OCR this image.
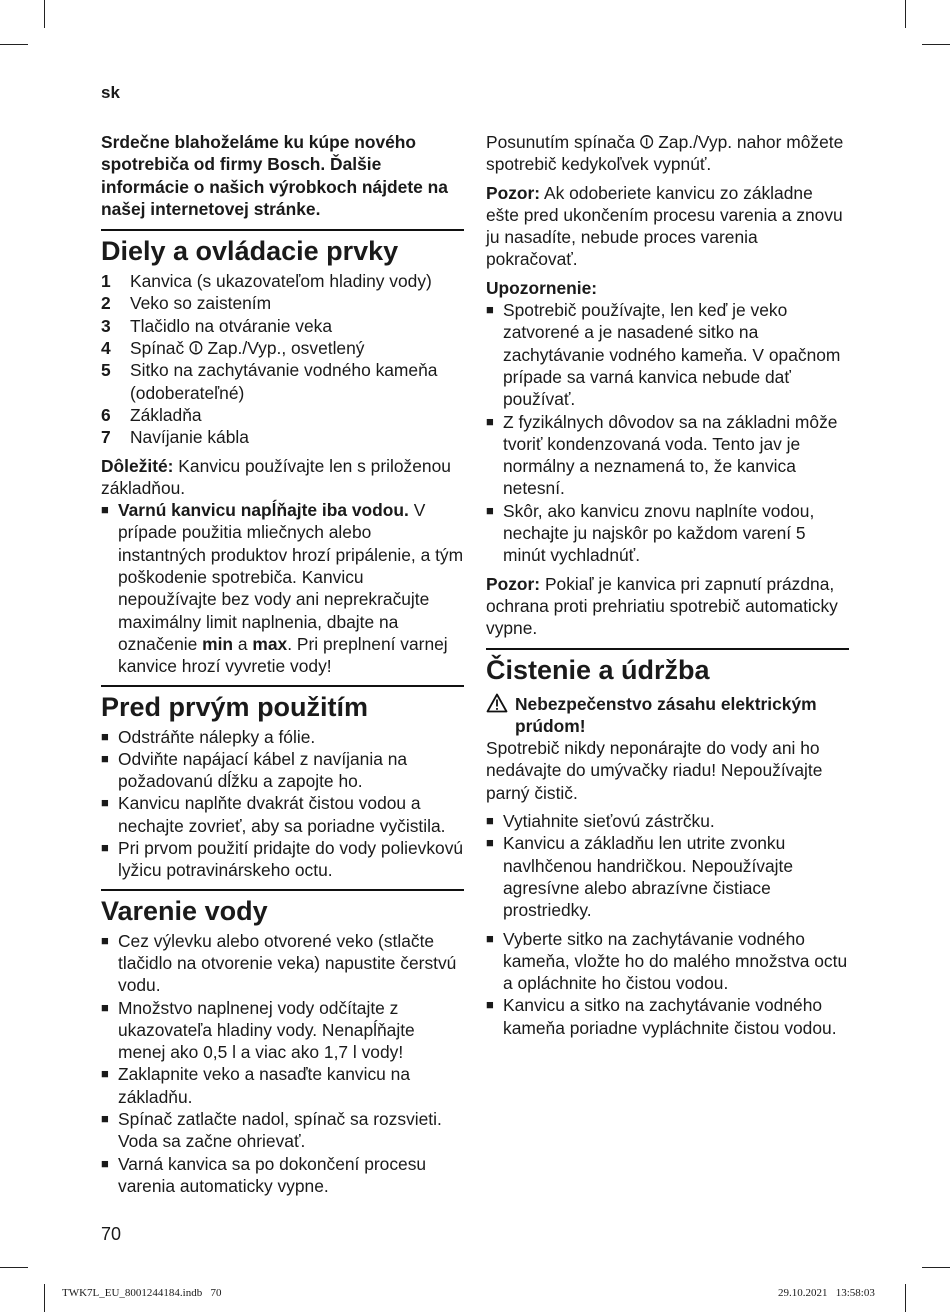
sk

Srdečne blahoželáme ku kúpe nového spotrebiča od firmy Bosch. Ďalšie informácie o našich výrobkoch nájdete na našej internetovej stránke.

Diely a ovládacie prvky
1	Kanvica (s ukazovateľom hladiny vody)
2	Veko so zaistením
3	Tlačidlo na otváranie veka
4	Spínač ⏼ Zap./Vyp., osvetlený
5	Sitko na zachytávanie vodného kameňa (odoberateľné)
6	Základňa
7	Navíjanie kábla

Dôležité: Kanvicu používajte len s priloženou základňou.

■ Varnú kanvicu napĺňajte iba vodou. V prípade použitia mliečnych alebo instantných produktov hrozí pripálenie, a tým poškodenie spotrebiča. Kanvicu nepoužívajte bez vody ani neprekračujte maximálny limit naplnenia, dbajte na označenie min a max. Pri preplnení varnej kanvice hrozí vyvretie vody!
Pred prvým použitím
■ Odstráňte nálepky a fólie.
■ Odviňte napájací kábel z navíjania na požadovanú dĺžku a zapojte ho.
■ Kanvicu naplňte dvakrát čistou vodou a nechajte zovrieť, aby sa poriadne vyčistila.
■ Pri prvom použití pridajte do vody polievkovú lyžicu potravinárskeho octu.
Varenie vody
■ Cez výlevku alebo otvorené veko (stlačte tlačidlo na otvorenie veka) napustite čerstvú vodu.
■ Množstvo naplnenej vody odčítajte z ukazovateľa hladiny vody. Nenapĺňajte menej ako 0,5 l a viac ako 1,7 l vody!
■ Zaklapnite veko a nasaďte kanvicu na základňu.
■ Spínač zatlačte nadol, spínač sa rozsvieti. Voda sa začne ohrievať.
■ Varná kanvica sa po dokončení procesu varenia automaticky vypne.

Posunutím spínača ⏼ Zap./Vyp. nahor môžete spotrebič kedykoľvek vypnúť.

Pozor: Ak odoberiete kanvicu zo základne ešte pred ukončením procesu varenia a znovu ju nasadíte, nebude proces varenia pokračovať.

Upozornenie:

■ Spotrebič používajte, len keď je veko zatvorené a je nasadené sitko na zachytávanie vodného kameňa. V opačnom prípade sa varná kanvica nebude dať používať.
■ Z fyzikálnych dôvodov sa na základni môže tvoriť kondenzovaná voda. Tento jav je normálny a neznamená to, že kanvica netesní.
■ Skôr, ako kanvicu znovu naplníte vodou, nechajte ju najskôr po každom varení 5 minút vychladnúť.

Pozor: Pokiaľ je kanvica pri zapnutí prázdna, ochrana proti prehriatiu spotrebič automaticky vypne.

Čistenie a údržba
Nebezpečenstvo zásahu elektrickým prúdom!

Spotrebič nikdy neponárajte do vody ani ho nedávajte do umývačky riadu! Nepoužívajte parný čistič.

■ Vytiahnite sieťovú zástrčku.
■ Kanvicu a základňu len utrite zvonku navlhčenou handričkou. Nepoužívajte agresívne alebo abrazívne čistiace prostriedky.
■ Vyberte sitko na zachytávanie vodného kameňa, vložte ho do malého množstva octu a opláchnite ho čistou vodou.
■ Kanvicu a sitko na zachytávanie vodného kameňa poriadne vypláchnite čistou vodou.
70
TWK7L_EU_8001244184.indb   70	29.10.2021   13:58:03
